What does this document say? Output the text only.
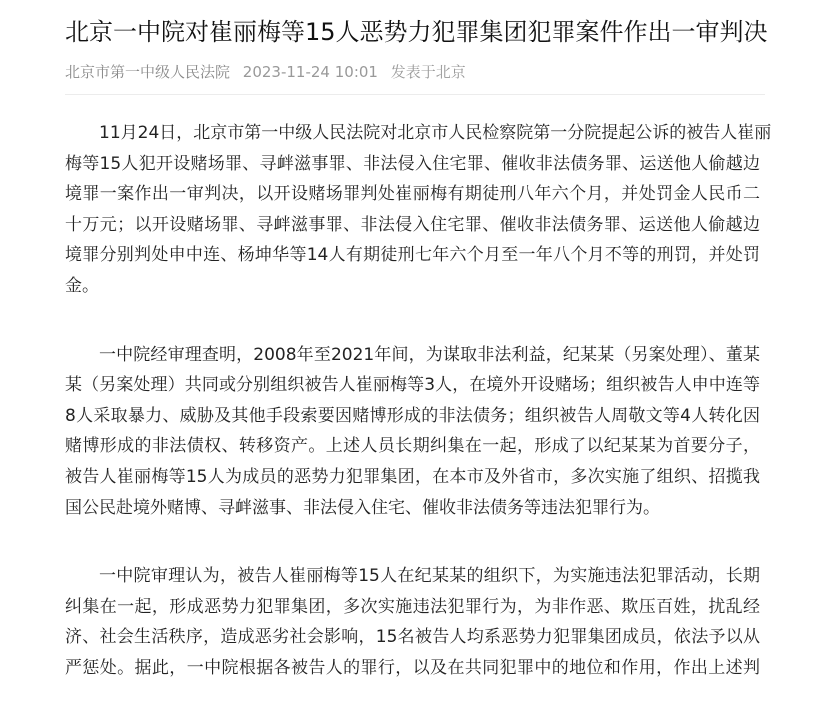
北京一中院对崔丽梅等15人恶势力犯罪集团犯罪案件作出一审判决
北京市第一中级人民法院 2023-11-24 10:01 发表于北京

11月24日，北京市第一中级人民法院对北京市人民检察院第一分院提起公诉的被告人崔丽
梅等15人犯开设赌场罪、寻衅滋事罪、非法侵入住宅罪、催收非法债务罪、运送他人偷越边
境罪一案作出一审判决，以开设赌场罪判处崔丽梅有期徒刑八年六个月，并处罚金人民币二
十万元；以开设赌场罪、寻衅滋事罪、非法侵入住宅罪、催收非法债务罪、运送他人偷越边
境罪分别判处申中连、杨坤华等14人有期徒刑七年六个月至一年八个月不等的刑罚，并处罚
金。

一中院经审理查明，2008年至2021年间，为谋取非法利益，纪某某（另案处理）、董某
某（另案处理）共同或分别组织被告人崔丽梅等3人，在境外开设赌场；组织被告人申中连等
8人采取暴力、威胁及其他手段索要因赌博形成的非法债务；组织被告人周敬文等4人转化因
赌博形成的非法债权、转移资产。上述人员长期纠集在一起，形成了以纪某某为首要分子，
被告人崔丽梅等15人为成员的恶势力犯罪集团，在本市及外省市，多次实施了组织、招揽我
国公民赴境外赌博、寻衅滋事、非法侵入住宅、催收非法债务等违法犯罪行为。

一中院审理认为，被告人崔丽梅等15人在纪某某的组织下，为实施违法犯罪活动，长期
纠集在一起，形成恶势力犯罪集团，多次实施违法犯罪行为，为非作恶、欺压百姓，扰乱经
济、社会生活秩序，造成恶劣社会影响，15名被告人均系恶势力犯罪集团成员，依法予以从
严惩处。据此，一中院根据各被告人的罪行，以及在共同犯罪中的地位和作用，作出上述判
